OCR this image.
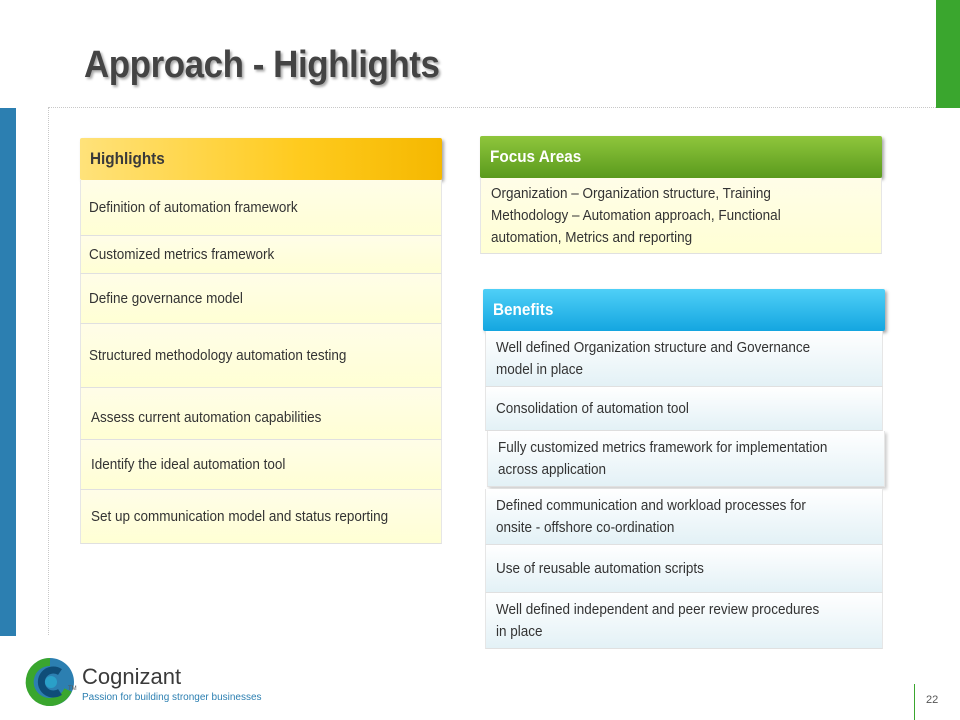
Approach - Highlights
Highlights
Definition of automation framework
Customized metrics framework
Define governance model
Structured methodology automation testing
Assess current automation capabilities
Identify the ideal automation tool
Set up communication model and status reporting
Focus Areas
Organization – Organization structure, Training Methodology – Automation approach, Functional automation, Metrics and reporting
Benefits
Well defined Organization structure and Governance model in place
Consolidation of automation tool
Fully customized metrics framework for implementation across application
Defined communication and workload processes for onsite - offshore co-ordination
Use of reusable automation scripts
Well defined independent and peer review procedures in place
Cognizant
TM
Passion for building stronger businesses	22
